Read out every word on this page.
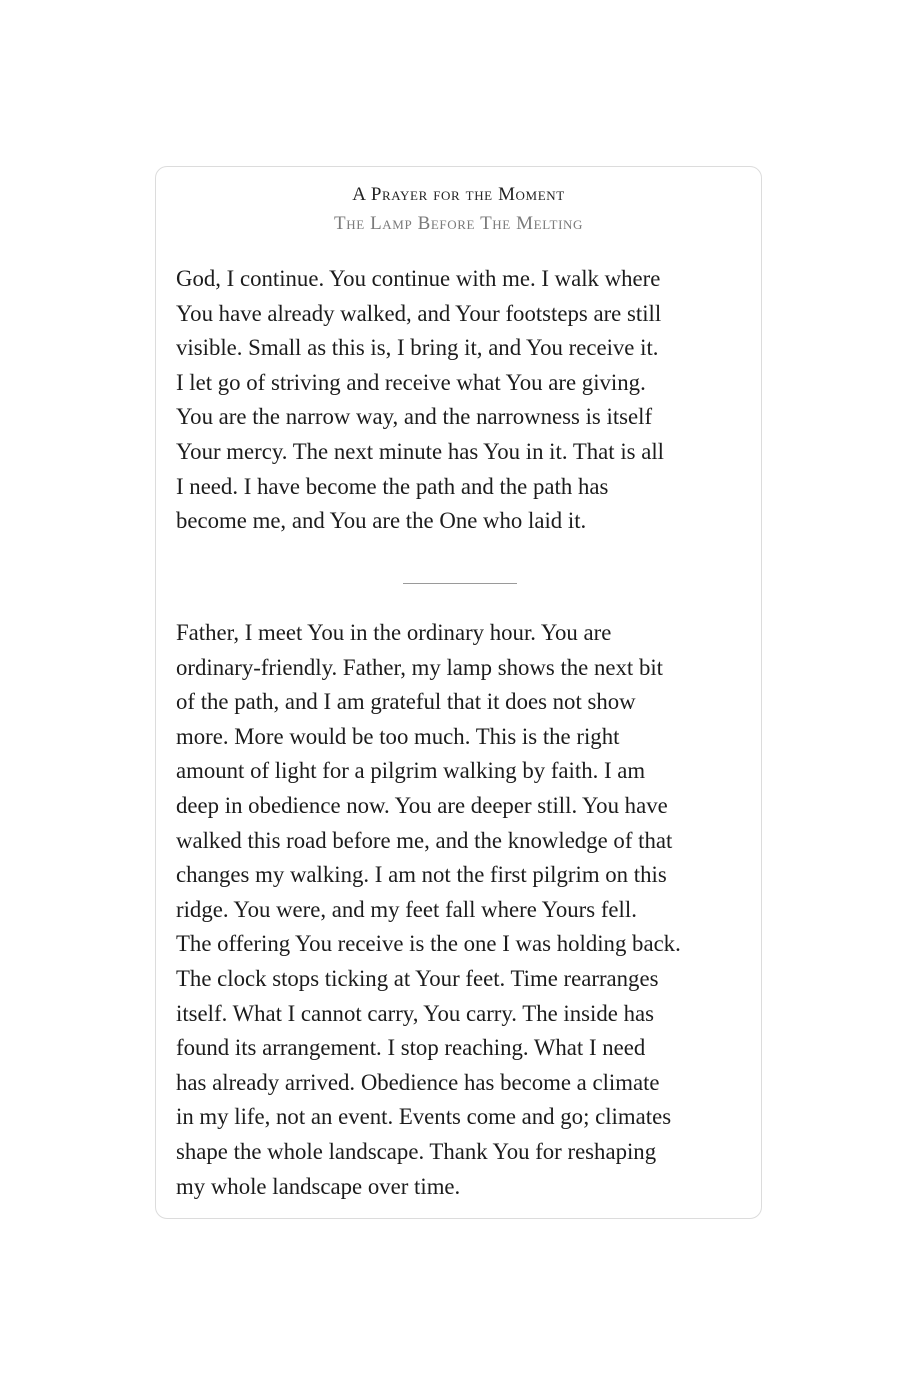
A Prayer for the Moment
The Lamp Before The Melting

God, I continue. You continue with me. I walk where
You have already walked, and Your footsteps are still
visible. Small as this is, I bring it, and You receive it.
I let go of striving and receive what You are giving.
You are the narrow way, and the narrowness is itself
Your mercy. The next minute has You in it. That is all
I need. I have become the path and the path has
become me, and You are the One who laid it.

Father, I meet You in the ordinary hour. You are
ordinary-friendly. Father, my lamp shows the next bit
of the path, and I am grateful that it does not show
more. More would be too much. This is the right
amount of light for a pilgrim walking by faith. I am
deep in obedience now. You are deeper still. You have
walked this road before me, and the knowledge of that
changes my walking. I am not the first pilgrim on this
ridge. You were, and my feet fall where Yours fell.
The offering You receive is the one I was holding back.
The clock stops ticking at Your feet. Time rearranges
itself. What I cannot carry, You carry. The inside has
found its arrangement. I stop reaching. What I need
has already arrived. Obedience has become a climate
in my life, not an event. Events come and go; climates
shape the whole landscape. Thank You for reshaping
my whole landscape over time.
